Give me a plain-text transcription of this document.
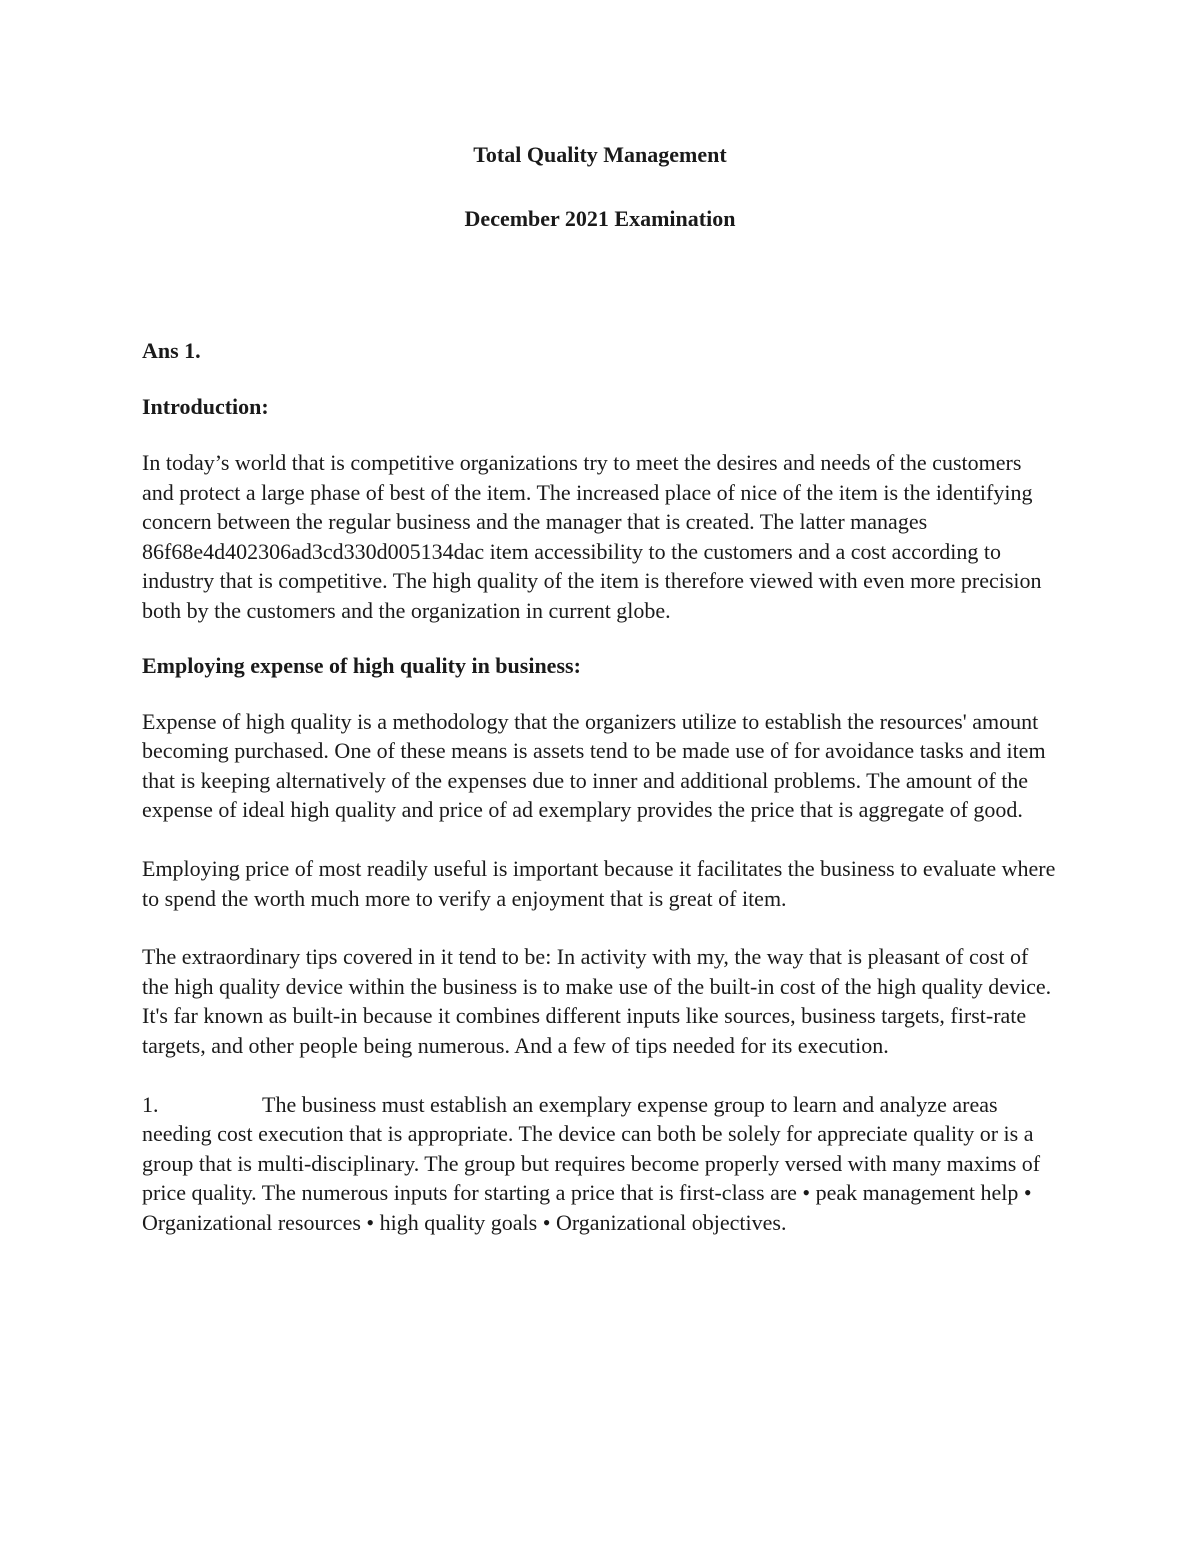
Total Quality Management

December 2021 Examination

Ans 1.

Introduction:

In today’s world that is competitive organizations try to meet the desires and needs of the customers and protect a large phase of best of the item. The increased place of nice of the item is the identifying concern between the regular business and the manager that is created. The latter manages 86f68e4d402306ad3cd330d005134dac item accessibility to the customers and a cost according to industry that is competitive. The high quality of the item is therefore viewed with even more precision both by the customers and the organization in current globe.

Employing expense of high quality in business:

Expense of high quality is a methodology that the organizers utilize to establish the resources' amount becoming purchased. One of these means is assets tend to be made use of for avoidance tasks and item that is keeping alternatively of the expenses due to inner and additional problems. The amount of the expense of ideal high quality and price of ad exemplary provides the price that is aggregate of good.

Employing price of most readily useful is important because it facilitates the business to evaluate where to spend the worth much more to verify a enjoyment that is great of item.

The extraordinary tips covered in it tend to be: In activity with my, the way that is pleasant of cost of the high quality device within the business is to make use of the built-in cost of the high quality device. It's far known as built-in because it combines different inputs like sources, business targets, first-rate targets, and other people being numerous. And a few of tips needed for its execution.

1.	The business must establish an exemplary expense group to learn and analyze areas needing cost execution that is appropriate. The device can both be solely for appreciate quality or is a group that is multi-disciplinary. The group but requires become properly versed with many maxims of price quality. The numerous inputs for starting a price that is first-class are • peak management help • Organizational resources • high quality goals • Organizational objectives.
